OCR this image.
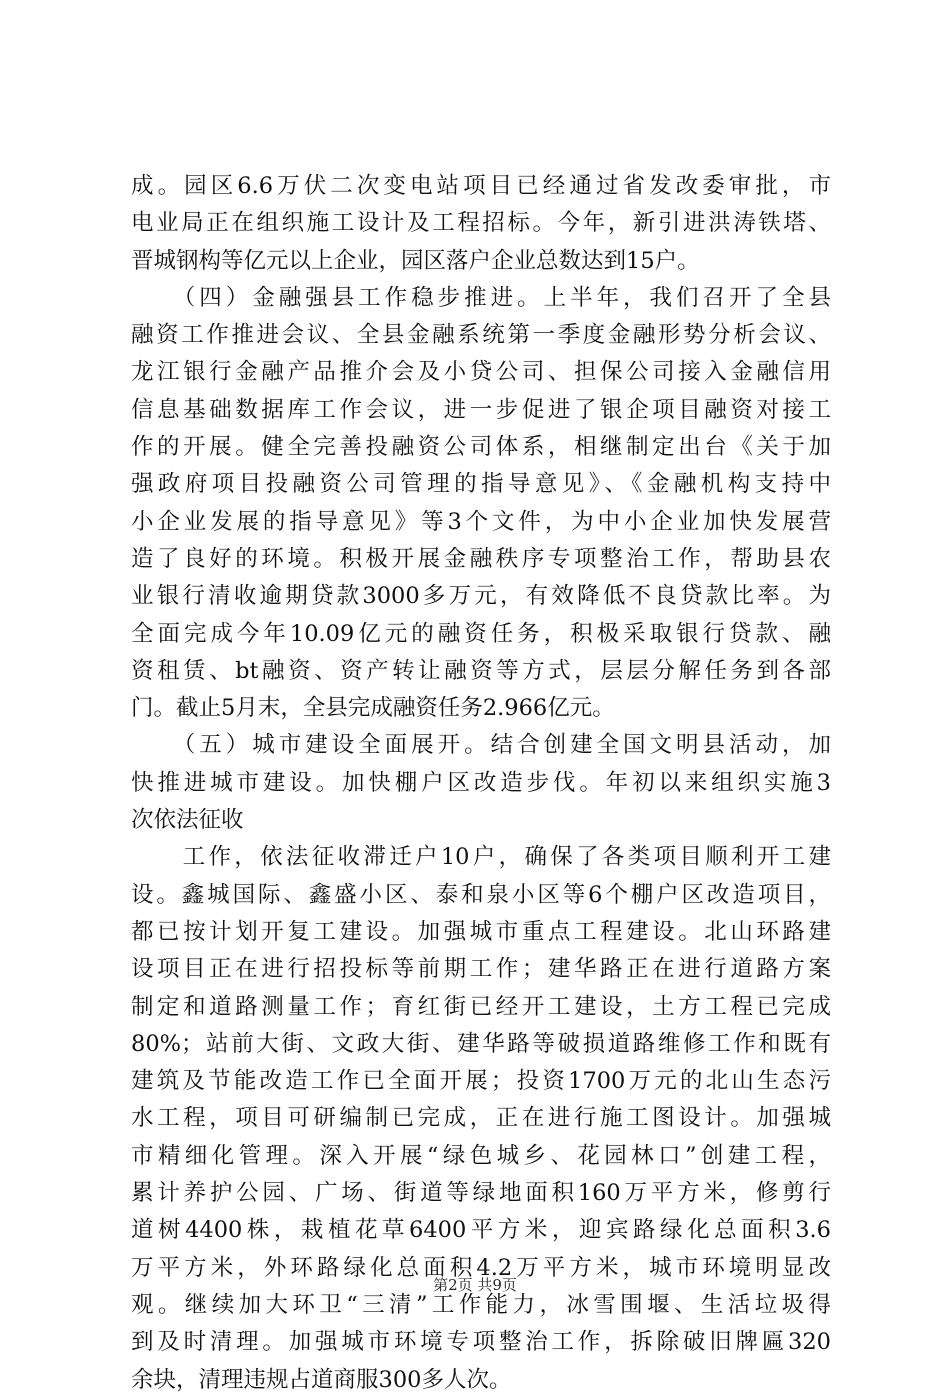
成。园区6.6万伏二次变电站项目已经通过省发改委审批，市
电业局正在组织施工设计及工程招标。今年，新引进洪涛铁塔、
晋城钢构等亿元以上企业，园区落户企业总数达到15户。
　　（四）金融强县工作稳步推进。上半年，我们召开了全县
融资工作推进会议、全县金融系统第一季度金融形势分析会议、
龙江银行金融产品推介会及小贷公司、担保公司接入金融信用
信息基础数据库工作会议，进一步促进了银企项目融资对接工
作的开展。健全完善投融资公司体系，相继制定出台《关于加
强政府项目投融资公司管理的指导意见》、《金融机构支持中
小企业发展的指导意见》等3个文件，为中小企业加快发展营
造了良好的环境。积极开展金融秩序专项整治工作，帮助县农
业银行清收逾期贷款3000多万元，有效降低不良贷款比率。为
全面完成今年10.09亿元的融资任务，积极采取银行贷款、融
资租赁、bt融资、资产转让融资等方式，层层分解任务到各部
门。截止5月末，全县完成融资任务2.966亿元。
　　（五）城市建设全面展开。结合创建全国文明县活动，加
快推进城市建设。加快棚户区改造步伐。年初以来组织实施3
次依法征收
　　工作，依法征收滞迁户10户，确保了各类项目顺利开工建
设。鑫城国际、鑫盛小区、泰和泉小区等6个棚户区改造项目，
都已按计划开复工建设。加强城市重点工程建设。北山环路建
设项目正在进行招投标等前期工作；建华路正在进行道路方案
制定和道路测量工作；育红街已经开工建设，土方工程已完成
80%；站前大街、文政大街、建华路等破损道路维修工作和既有
建筑及节能改造工作已全面开展；投资1700万元的北山生态污
水工程，项目可研编制已完成，正在进行施工图设计。加强城
市精细化管理。深入开展“绿色城乡、花园林口”创建工程，
累计养护公园、广场、街道等绿地面积160万平方米，修剪行
道树4400株，栽植花草6400平方米，迎宾路绿化总面积3.6
万平方米，外环路绿化总面积4.2万平方米，城市环境明显改
观。继续加大环卫“三清”工作能力，冰雪围堰、生活垃圾得
到及时清理。加强城市环境专项整治工作，拆除破旧牌匾320
余块，清理违规占道商服300多人次。
第2页 共9页
